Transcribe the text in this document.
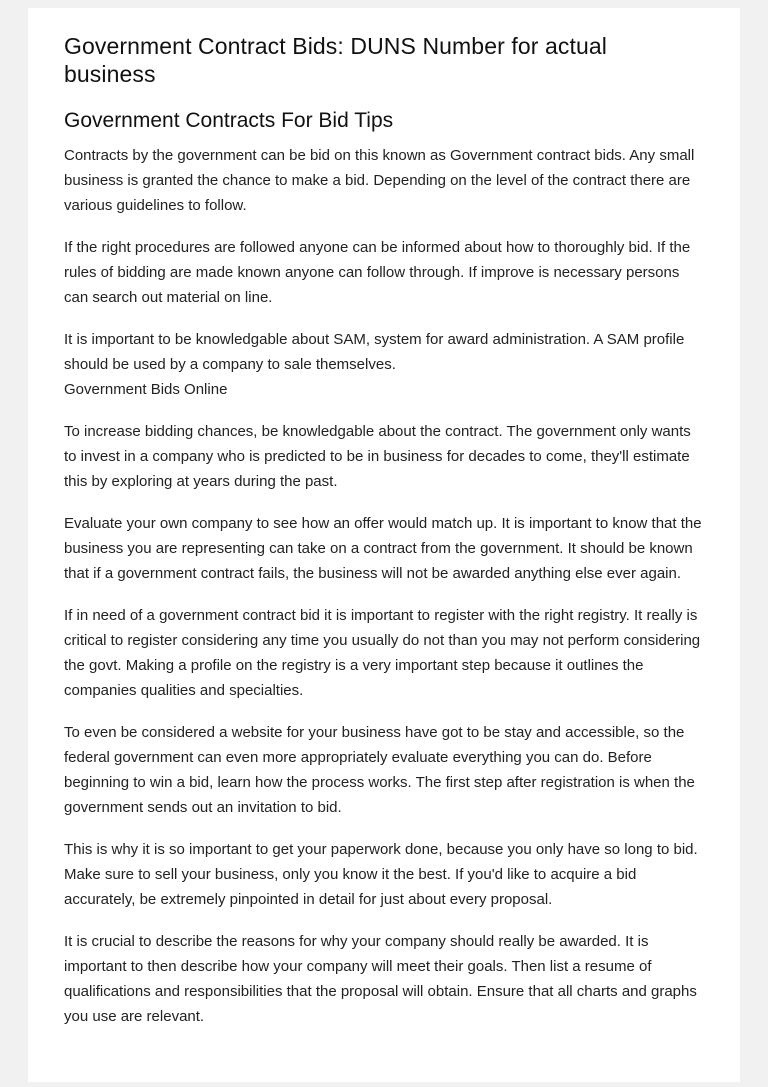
Government Contract Bids: DUNS Number for actual business
Government Contracts For Bid Tips

Contracts by the government can be bid on this known as Government contract bids. Any small business is granted the chance to make a bid. Depending on the level of the contract there are various guidelines to follow.

If the right procedures are followed anyone can be informed about how to thoroughly bid. If the rules of bidding are made known anyone can follow through. If improve is necessary persons can search out material on line.

It is important to be knowledgable about SAM, system for award administration. A SAM profile should be used by a company to sale themselves.

Government Bids Online

To increase bidding chances, be knowledgable about the contract. The government only wants to invest in a company who is predicted to be in business for decades to come, they'll estimate this by exploring at years during the past.

Evaluate your own company to see how an offer would match up. It is important to know that the business you are representing can take on a contract from the government. It should be known that if a government contract fails, the business will not be awarded anything else ever again.

If in need of a government contract bid it is important to register with the right registry. It really is critical to register considering any time you usually do not than you may not perform considering the govt. Making a profile on the registry is a very important step because it outlines the companies qualities and specialties.

To even be considered a website for your business have got to be stay and accessible, so the federal government can even more appropriately evaluate everything you can do. Before beginning to win a bid, learn how the process works. The first step after registration is when the government sends out an invitation to bid.

This is why it is so important to get your paperwork done, because you only have so long to bid. Make sure to sell your business, only you know it the best. If you'd like to acquire a bid accurately, be extremely pinpointed in detail for just about every proposal.

It is crucial to describe the reasons for why your company should really be awarded. It is important to then describe how your company will meet their goals. Then list a resume of qualifications and responsibilities that the proposal will obtain. Ensure that all charts and graphs you use are relevant.
